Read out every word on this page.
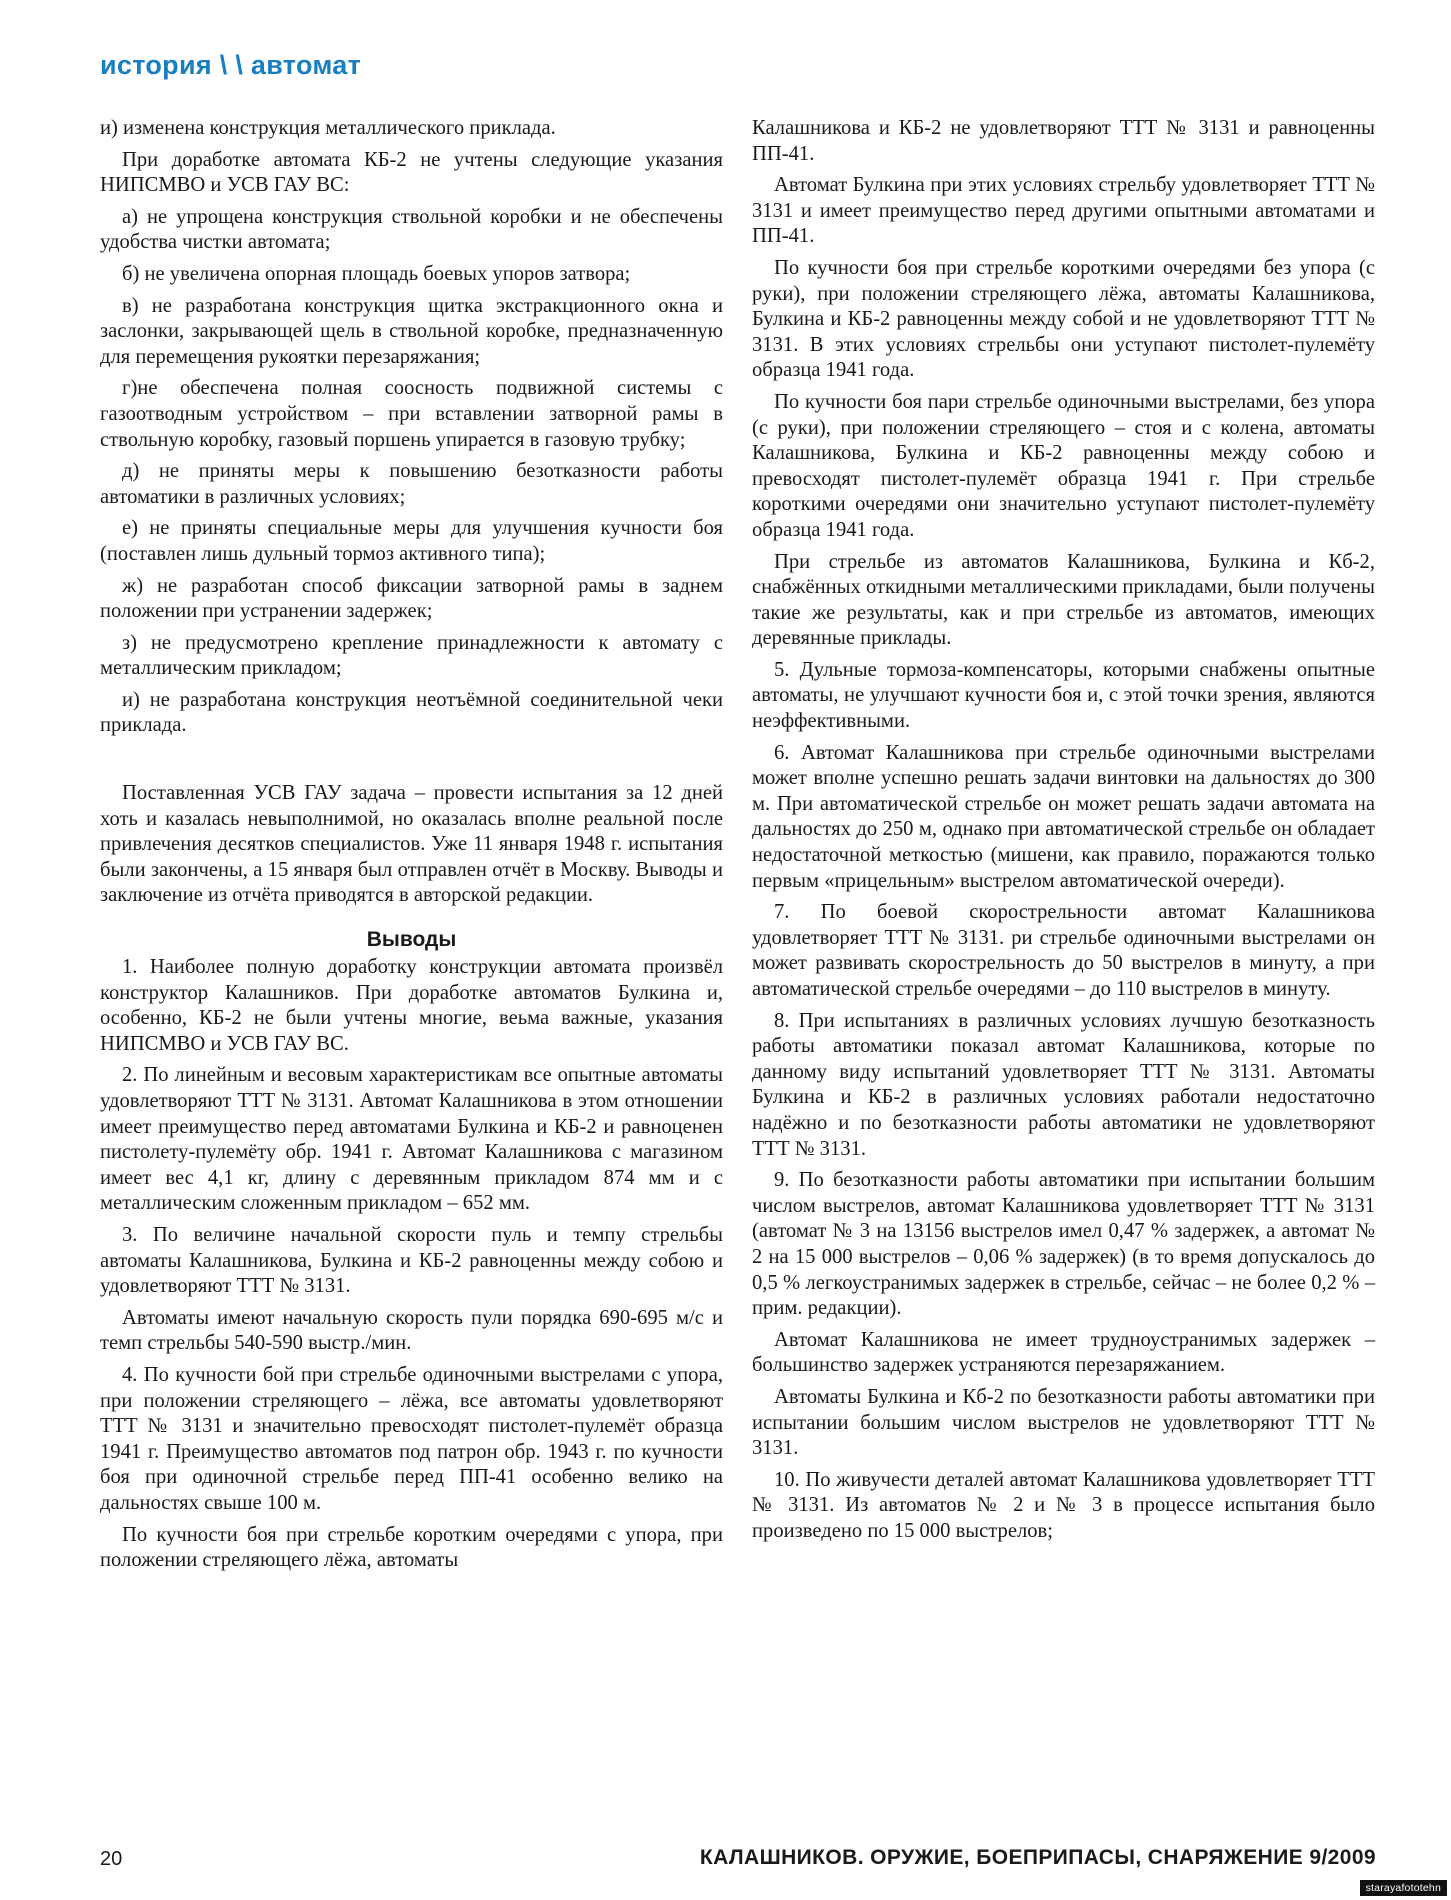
история \ \ автомат

и) изменена конструкция металлического приклада.

При доработке автомата КБ-2 не учтены следующие указания НИПСМВО и УСВ ГАУ ВС:

а) не упрощена конструкция ствольной коробки и не обеспечены удобства чистки автомата;

б) не увеличена опорная площадь боевых упоров затвора;

в) не разработана конструкция щитка экстракционного окна и заслонки, закрывающей щель в ствольной коробке, предназначенную для перемещения рукоятки перезаряжания;

г)не обеспечена полная соосность подвижной системы с газоотводным устройством – при вставлении затворной рамы в ствольную коробку, газовый поршень упирается в газовую трубку;

д) не приняты меры к повышению безотказности работы автоматики в различных условиях;

е) не приняты специальные меры для улучшения кучности боя (поставлен лишь дульный тормоз активного типа);

ж) не разработан способ фиксации затворной рамы в заднем положении при устранении задержек;

з) не предусмотрено крепление принадлежности к автомату с металлическим прикладом;

и) не разработана конструкция неотъёмной соединительной чеки приклада.

Поставленная УСВ ГАУ задача – провести испытания за 12 дней хоть и казалась невыполнимой, но оказалась вполне реальной после привлечения десятков специалистов. Уже 11 января 1948 г. испытания были закончены, а 15 января был отправлен отчёт в Москву. Выводы и заключение из отчёта приводятся в авторской редакции.

Выводы

1. Наиболее полную доработку конструкции автомата произвёл конструктор Калашников. При доработке автоматов Булкина и, особенно, КБ-2 не были учтены многие, веьма важные, указания НИПСМВО и УСВ ГАУ ВС.

2. По линейным и весовым характеристикам все опытные автоматы удовлетворяют ТТТ № 3131. Автомат Калашникова в этом отношении имеет преимущество перед автоматами Булкина и КБ-2 и равноценен пистолету-пулемёту обр. 1941 г. Автомат Калашникова с магазином имеет вес 4,1 кг, длину с деревянным прикладом 874 мм и с металлическим сложенным прикладом – 652 мм.

3. По величине начальной скорости пуль и темпу стрельбы автоматы Калашникова, Булкина и КБ-2 равноценны между собою и удовлетворяют ТТТ № 3131.

Автоматы имеют начальную скорость пули порядка 690-695 м/с и темп стрельбы 540-590 выстр./мин.

4. По кучности бой при стрельбе одиночными выстрелами с упора, при положении стреляющего – лёжа, все автоматы удовлетворяют ТТТ № 3131 и значительно превосходят пистолет-пулемёт образца 1941 г. Преимущество автоматов под патрон обр. 1943 г. по кучности боя при одиночной стрельбе перед ПП-41 особенно велико на дальностях свыше 100 м.

По кучности боя при стрельбе коротким очередями с упора, при положении стреляющего лёжа, автоматы

Калашникова и КБ-2 не удовлетворяют ТТТ № 3131 и равноценны ПП-41.

Автомат Булкина при этих условиях стрельбу удовлетворяет ТТТ № 3131 и имеет преимущество перед другими опытными автоматами и ПП-41.

По кучности боя при стрельбе короткими очередями без упора (с руки), при положении стреляющего лёжа, автоматы Калашникова, Булкина и КБ-2 равноценны между собой и не удовлетворяют ТТТ № 3131. В этих условиях стрельбы они уступают пистолет-пулемёту образца 1941 года.

По кучности боя пари стрельбе одиночными выстрелами, без упора (с руки), при положении стреляющего – стоя и с колена, автоматы Калашникова, Булкина и КБ-2 равноценны между собою и превосходят пистолет-пулемёт образца 1941 г. При стрельбе короткими очередями они значительно уступают пистолет-пулемёту образца 1941 года.

При стрельбе из автоматов Калашникова, Булкина и Кб-2, снабжённых откидными металлическими прикладами, были получены такие же результаты, как и при стрельбе из автоматов, имеющих деревянные приклады.

5. Дульные тормоза-компенсаторы, которыми снабжены опытные автоматы, не улучшают кучности боя и, с этой точки зрения, являются неэффективными.

6. Автомат Калашникова при стрельбе одиночными выстрелами может вполне успешно решать задачи винтовки на дальностях до 300 м. При автоматической стрельбе он может решать задачи автомата на дальностях до 250 м, однако при автоматической стрельбе он обладает недостаточной меткостью (мишени, как правило, поражаются только первым «прицельным» выстрелом автоматической очереди).

7. По боевой скорострельности автомат Калашникова удовлетворяет ТТТ № 3131. ри стрельбе одиночными выстрелами он может развивать скорострельность до 50 выстрелов в минуту, а при автоматической стрельбе очередями – до 110 выстрелов в минуту.

8. При испытаниях в различных условиях лучшую безотказность работы автоматики показал автомат Калашникова, которые по данному виду испытаний удовлетворяет ТТТ № 3131. Автоматы Булкина и КБ-2 в различных условиях работали недостаточно надёжно и по безотказности работы автоматики не удовлетворяют ТТТ № 3131.

9. По безотказности работы автоматики при испытании большим числом выстрелов, автомат Калашникова удовлетворяет ТТТ № 3131 (автомат № 3 на 13156 выстрелов имел 0,47 % задержек, а автомат № 2 на 15 000 выстрелов – 0,06 % задержек) (в то время допускалось до 0,5 % легкоустранимых задержек в стрельбе, сейчас – не более 0,2 % – прим. редакции).

Автомат Калашникова не имеет трудноустранимых задержек – большинство задержек устраняются перезаряжанием.

Автоматы Булкина и Кб-2 по безотказности работы автоматики при испытании большим числом выстрелов не удовлетворяют ТТТ № 3131.

10. По живучести деталей автомат Калашникова удовлетворяет ТТТ № 3131. Из автоматов № 2 и № 3 в процессе испытания было произведено по 15 000 выстрелов;

20	КАЛАШНИКОВ. ОРУЖИЕ, БОЕПРИПАСЫ, СНАРЯЖЕНИЕ 9/2009
starayafototehn
